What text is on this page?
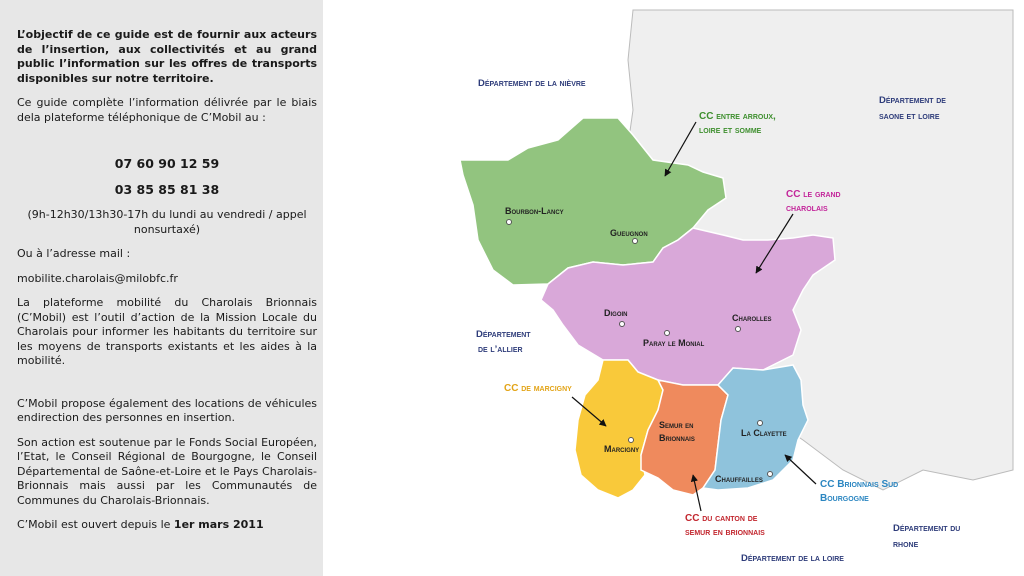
L’objectif de ce guide est de fournir aux acteurs de l’insertion, aux collectivités et au grand public l’information sur les offres de transports disponibles sur notre territoire.

Ce guide complète l’information délivrée par le biais dela plateforme téléphonique de C’Mobil au :

07 60 90 12 59

03 85 85 81 38

(9h-12h30/13h30-17h du lundi au vendredi / appel nonsurtaxé)

Ou à l’adresse mail :

mobilite.charolais@milobfc.fr

La plateforme mobilité du Charolais Brionnais (C’Mobil) est l’outil d’action de la Mission Locale du Charolais pour informer les habitants du territoire sur les moyens de transports existants et les aides à la mobilité.

C’Mobil propose également des locations de véhicules endirection des personnes en insertion.

Son action est soutenue par le Fonds Social Européen, l’Etat, le Conseil Régional de Bourgogne, le Conseil Départemental de Saône-et-Loire et le Pays Charolais- Brionnais mais aussi par les Communautés de Communes du Charolais-Brionnais.

C’Mobil est ouvert depuis le 1er mars 2011

Département de la nièvre
Département de
saone et loire
Département
de l’allier
Département de la loire
Département du
rhone
CC entre arroux,
loire et somme
CC le grand
charolais
CC de marcigny
CC Brionnais Sud
Bourgogne
CC du canton de
semur en brionnais
Bourbon-Lancy
Gueugnon
Digoin
Paray le Monial
Charolles
Marcigny
Semur en
Brionnais	La Clayette
Chauffailles
